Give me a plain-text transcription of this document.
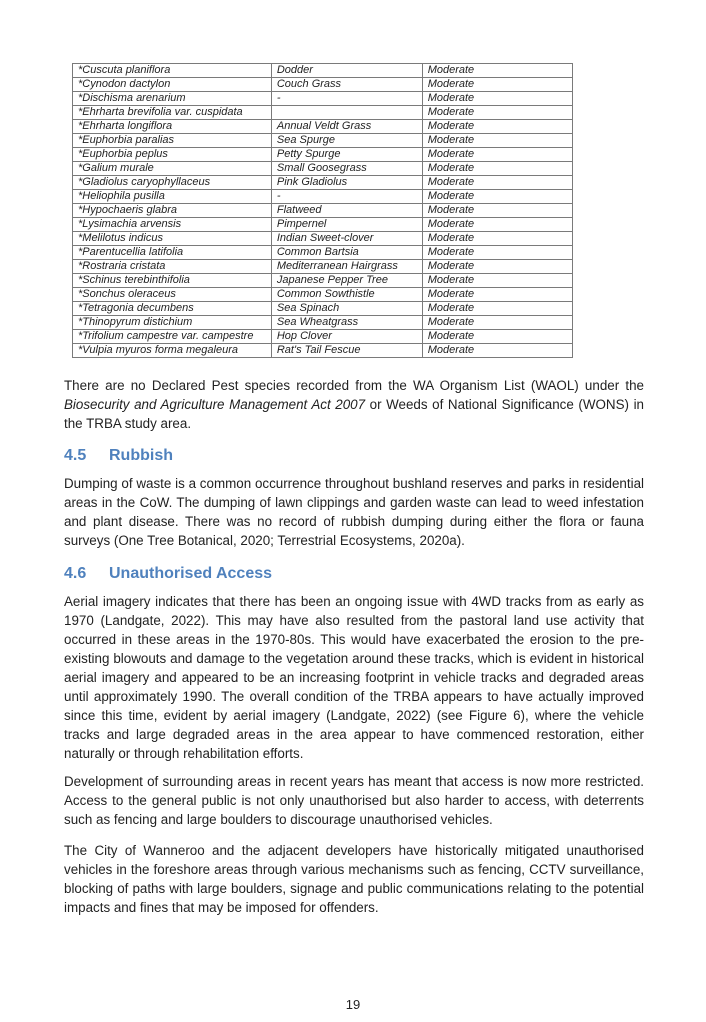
*Cuscuta planiflora	Dodder	Moderate
*Cynodon dactylon	Couch Grass	Moderate
*Dischisma arenarium	-	Moderate
*Ehrharta brevifolia var. cuspidata		Moderate
*Ehrharta longiflora	Annual Veldt Grass	Moderate
*Euphorbia paralias	Sea Spurge	Moderate
*Euphorbia peplus	Petty Spurge	Moderate
*Galium murale	Small Goosegrass	Moderate
*Gladiolus caryophyllaceus	Pink Gladiolus	Moderate
*Heliophila pusilla	-	Moderate
*Hypochaeris glabra	Flatweed	Moderate
*Lysimachia arvensis	Pimpernel	Moderate
*Melilotus indicus	Indian Sweet-clover	Moderate
*Parentucellia latifolia	Common Bartsia	Moderate
*Rostraria cristata	Mediterranean Hairgrass	Moderate
*Schinus terebinthifolia	Japanese Pepper Tree	Moderate
*Sonchus oleraceus	Common Sowthistle	Moderate
*Tetragonia decumbens	Sea Spinach	Moderate
*Thinopyrum distichium	Sea Wheatgrass	Moderate
*Trifolium campestre var. campestre	Hop Clover	Moderate
*Vulpia myuros forma megaleura	Rat's Tail Fescue	Moderate

There are no Declared Pest species recorded from the WA Organism List (WAOL) under the Biosecurity and Agriculture Management Act 2007 or Weeds of National Significance (WONS) in the TRBA study area.

4.5 Rubbish

Dumping of waste is a common occurrence throughout bushland reserves and parks in residential areas in the CoW. The dumping of lawn clippings and garden waste can lead to weed infestation and plant disease. There was no record of rubbish dumping during either the flora or fauna surveys (One Tree Botanical, 2020; Terrestrial Ecosystems, 2020a).

4.6 Unauthorised Access

Aerial imagery indicates that there has been an ongoing issue with 4WD tracks from as early as 1970 (Landgate, 2022). This may have also resulted from the pastoral land use activity that occurred in these areas in the 1970-80s. This would have exacerbated the erosion to the pre-existing blowouts and damage to the vegetation around these tracks, which is evident in historical aerial imagery and appeared to be an increasing footprint in vehicle tracks and degraded areas until approximately 1990. The overall condition of the TRBA appears to have actually improved since this time, evident by aerial imagery (Landgate, 2022) (see Figure 6), where the vehicle tracks and large degraded areas in the area appear to have commenced restoration, either naturally or through rehabilitation efforts.

Development of surrounding areas in recent years has meant that access is now more restricted. Access to the general public is not only unauthorised but also harder to access, with deterrents such as fencing and large boulders to discourage unauthorised vehicles.

The City of Wanneroo and the adjacent developers have historically mitigated unauthorised vehicles in the foreshore areas through various mechanisms such as fencing, CCTV surveillance, blocking of paths with large boulders, signage and public communications relating to the potential impacts and fines that may be imposed for offenders.

19
